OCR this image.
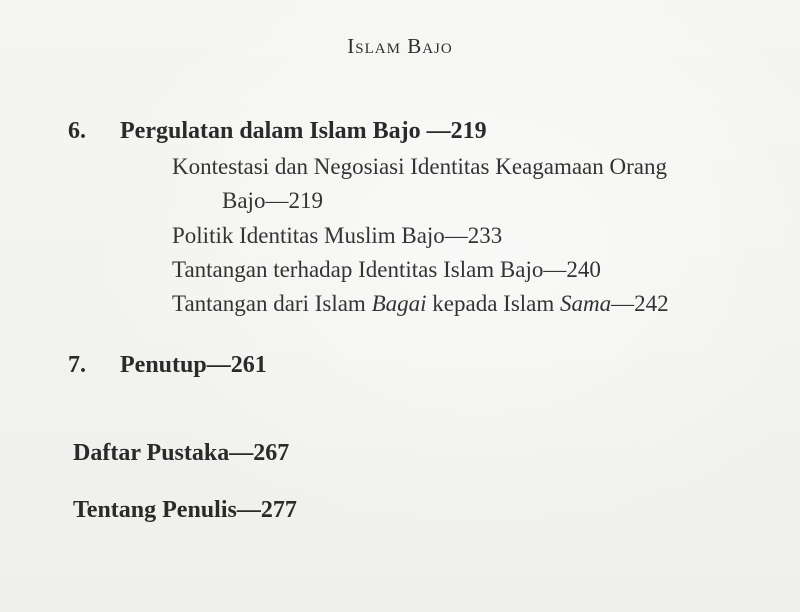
Islam Bajo
6. Pergulatan dalam Islam Bajo —219
Kontestasi dan Negosiasi Identitas Keagamaan Orang
Bajo—219
Politik Identitas Muslim Bajo—233
Tantangan terhadap Identitas Islam Bajo—240
Tantangan dari Islam Bagai kepada Islam Sama—242
7. Penutup—261
Daftar Pustaka—267
Tentang Penulis—277
